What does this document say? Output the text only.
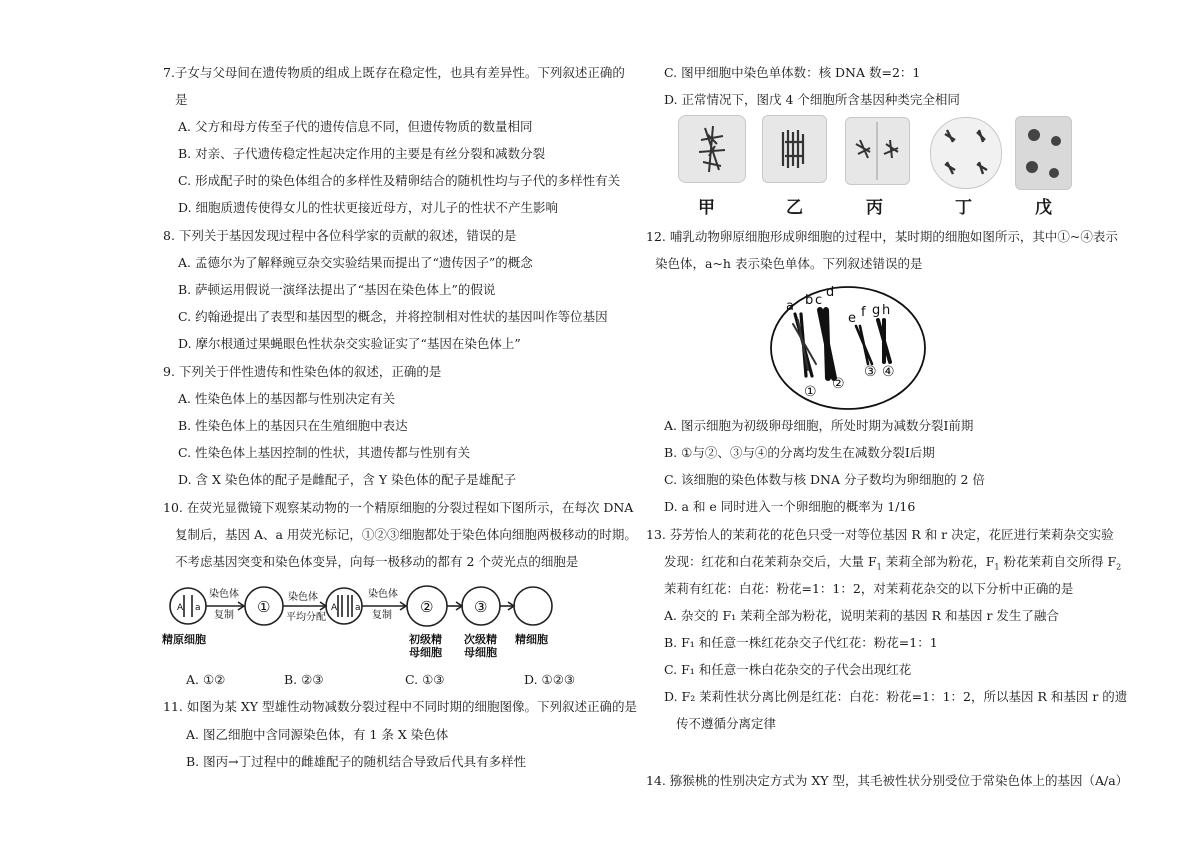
7.子女与父母间在遗传物质的组成上既存在稳定性，也具有差异性。下列叙述正确的
是
A. 父方和母方传至子代的遗传信息不同，但遗传物质的数量相同
B. 对亲、子代遗传稳定性起决定作用的主要是有丝分裂和减数分裂
C. 形成配子时的染色体组合的多样性及精卵结合的随机性均与子代的多样性有关
D. 细胞质遗传使得女儿的性状更接近母方，对儿子的性状不产生影响
8. 下列关于基因发现过程中各位科学家的贡献的叙述，错误的是
A. 孟德尔为了解释豌豆杂交实验结果而提出了“遗传因子”的概念
B. 萨顿运用假说一演绎法提出了“基因在染色体上”的假说
C. 约翰逊提出了表型和基因型的概念，并将控制相对性状的基因叫作等位基因
D. 摩尔根通过果蝇眼色性状杂交实验证实了“基因在染色体上”
9. 下列关于伴性遗传和性染色体的叙述，正确的是
A. 性染色体上的基因都与性别决定有关
B. 性染色体上的基因只在生殖细胞中表达
C. 性染色体上基因控制的性状，其遗传都与性别有关
D. 含 X 染色体的配子是雌配子，含 Y 染色体的配子是雄配子
10. 在荧光显微镜下观察某动物的一个精原细胞的分裂过程如下图所示，在每次 DNA
复制后，基因 A、a 用荧光标记，①②③细胞都处于染色体向细胞两极移动的时期。
不考虑基因突变和染色体变异，向每一极移动的都有 2 个荧光点的细胞是
A a	A a
染色体
复制
染色体
平均分配
染色体
复制
①	②	③
精原细胞	初级精
母细胞
次级精
母细胞
精细胞
A. ①②	B. ②③	C. ①③	D. ①②③
11. 如图为某 XY 型雄性动物减数分裂过程中不同时期的细胞图像。下列叙述正确的是
A. 图乙细胞中含同源染色体，有 1 条 X 染色体
B. 图丙→丁过程中的雌雄配子的随机结合导致后代具有多样性
C. 图甲细胞中染色单体数：核 DNA 数=2：1
D. 正常情况下，图戊 4 个细胞所含基因种类完全相同
甲	乙	丙	丁	戊
12. 哺乳动物卵原细胞形成卵细胞的过程中，某时期的细胞如图所示，其中①~④表示
染色体，a~h 表示染色单体。下列叙述错误的是
a b c
d
e f g h
① ②
③ ④
A. 图示细胞为初级卵母细胞，所处时期为减数分裂Ⅰ前期
B. ①与②、③与④的分离均发生在减数分裂Ⅰ后期
C. 该细胞的染色体数与核 DNA 分子数均为卵细胞的 2 倍
D. a 和 e 同时进入一个卵细胞的概率为 1/16
13. 芬芳怡人的茉莉花的花色只受一对等位基因 R 和 r 决定，花匠进行茉莉杂交实验
发现：红花和白花茉莉杂交后，大量 $F_1$ 茉莉全部为粉花，$F_1$ 粉花茉莉自交所得 $F_2$
茉莉有红花：白花：粉花=1：1：2，对茉莉花杂交的以下分析中正确的是
A. 杂交的 F₁ 茉莉全部为粉花，说明茉莉的基因 R 和基因 r 发生了融合
B. F₁ 和任意一株红花杂交子代红花：粉花=1：1
C. F₁ 和任意一株白花杂交的子代会出现红花
D. F₂ 茉莉性状分离比例是红花：白花：粉花=1：1：2，所以基因 R 和基因 r 的遗
传不遵循分离定律
14. 猕猴桃的性别决定方式为 XY 型，其毛被性状分别受位于常染色体上的基因（A/a）
